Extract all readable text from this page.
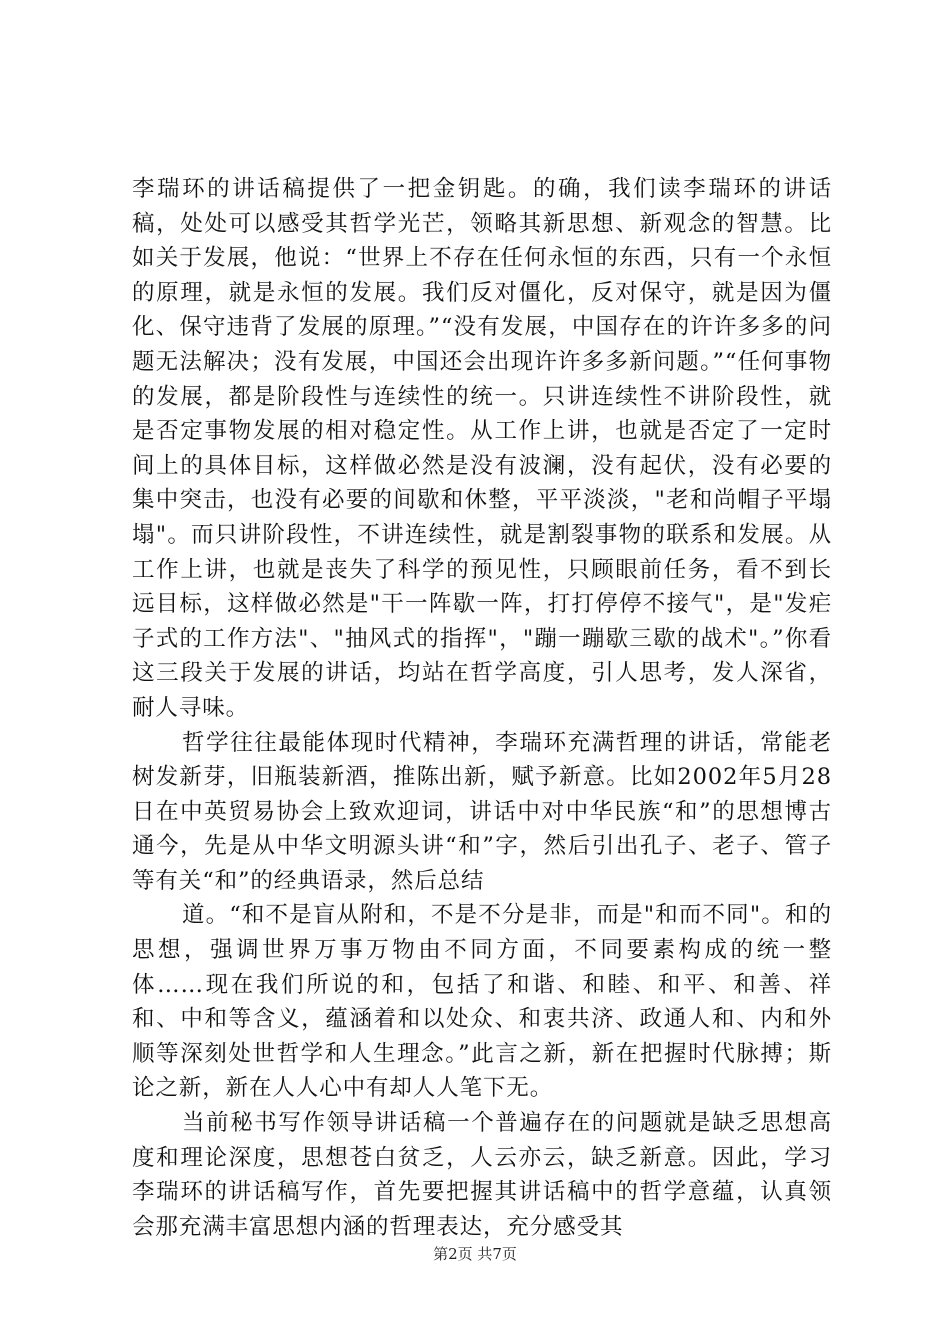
李瑞环的讲话稿提供了一把金钥匙。的确，我们读李瑞环的讲话稿，处处可以感受其哲学光芒，领略其新思想、新观念的智慧。比如关于发展，他说：“世界上不存在任何永恒的东西，只有一个永恒的原理，就是永恒的发展。我们反对僵化，反对保守，就是因为僵化、保守违背了发展的原理。”“没有发展，中国存在的许许多多的问题无法解决；没有发展，中国还会出现许许多多新问题。”“任何事物的发展，都是阶段性与连续性的统一。只讲连续性不讲阶段性，就是否定事物发展的相对稳定性。从工作上讲，也就是否定了一定时间上的具体目标，这样做必然是没有波澜，没有起伏，没有必要的集中突击，也没有必要的间歇和休整，平平淡淡，"老和尚帽子平塌塌"。而只讲阶段性，不讲连续性，就是割裂事物的联系和发展。从工作上讲，也就是丧失了科学的预见性，只顾眼前任务，看不到长远目标，这样做必然是"干一阵歇一阵，打打停停不接气"，是"发疟子式的工作方法"、"抽风式的指挥"，"蹦一蹦歇三歇的战术"。”你看这三段关于发展的讲话，均站在哲学高度，引人思考，发人深省，耐人寻味。

哲学往往最能体现时代精神，李瑞环充满哲理的讲话，常能老树发新芽，旧瓶装新酒，推陈出新，赋予新意。比如2002年5月28日在中英贸易协会上致欢迎词，讲话中对中华民族“和”的思想博古通今，先是从中华文明源头讲“和”字，然后引出孔子、老子、管子等有关“和”的经典语录，然后总结

道。“和不是盲从附和，不是不分是非，而是"和而不同"。和的思想，强调世界万事万物由不同方面，不同要素构成的统一整体……现在我们所说的和，包括了和谐、和睦、和平、和善、祥和、中和等含义，蕴涵着和以处众、和衷共济、政通人和、内和外顺等深刻处世哲学和人生理念。”此言之新，新在把握时代脉搏；斯论之新，新在人人心中有却人人笔下无。

当前秘书写作领导讲话稿一个普遍存在的问题就是缺乏思想高度和理论深度，思想苍白贫乏，人云亦云，缺乏新意。因此，学习李瑞环的讲话稿写作，首先要把握其讲话稿中的哲学意蕴，认真领会那充满丰富思想内涵的哲理表达，充分感受其

第2页 共7页
